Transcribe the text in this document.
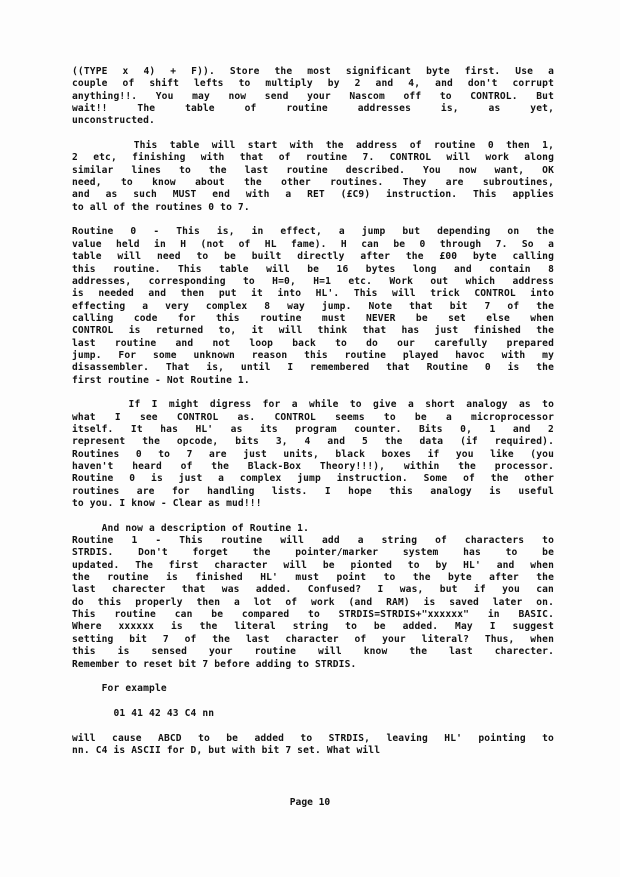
((TYPE x 4) + F)). Store the most significant byte first. Use a
couple of shift lefts to multiply by 2 and 4, and don't corrupt
anything!!. You may now send your Nascom off to CONTROL. But
wait!! The table of routine addresses is, as yet,
unconstructed.
This table will start with the address of routine 0 then 1,
2 etc, finishing with that of routine 7. CONTROL will work along
similar lines to the last routine described. You now want, OK
need, to know about the other routines. They are subroutines,
and as such MUST end with a RET (£C9) instruction. This applies
to all of the routines 0 to 7.
Routine 0 - This is, in effect, a jump but depending on the
value held in H (not of HL fame). H can be 0 through 7. So a
table will need to be built directly after the £00 byte calling
this routine. This table will be 16 bytes long and contain 8
addresses, corresponding to H=0, H=1 etc. Work out which address
is needed and then put it into HL'. This will trick CONTROL into
effecting a very complex 8 way jump. Note that bit 7 of the
calling code for this routine must NEVER be set else when
CONTROL is returned to, it will think that has just finished the
last routine and not loop back to do our carefully prepared
jump. For some unknown reason this routine played havoc with my
disassembler. That is, until I remembered that Routine 0 is the
first routine - Not Routine 1.
If I might digress for a while to give a short analogy as to
what I see CONTROL as. CONTROL seems to be a microprocessor
itself. It has HL' as its program counter. Bits 0, 1 and 2
represent the opcode, bits 3, 4 and 5 the data (if required).
Routines 0 to 7 are just units, black boxes if you like (you
haven't heard of the Black-Box Theory!!!), within the processor.
Routine 0 is just a complex jump instruction. Some of the other
routines are for handling lists. I hope this analogy is useful
to you. I know - Clear as mud!!!
And now a description of Routine 1.
Routine 1 - This routine will add a string of characters to
STRDIS. Don't forget the pointer/marker system has to be
updated. The first character will be pionted to by HL' and when
the routine is finished HL' must point to the byte after the
last charecter that was added. Confused? I was, but if you can
do this properly then a lot of work (and RAM) is saved later on.
This routine can be compared to STRDIS=STRDIS+"xxxxxx" in BASIC.
Where xxxxxx is the literal string to be added. May I suggest
setting bit 7 of the last character of your literal? Thus, when
this is sensed your routine will know the last charecter.
Remember to reset bit 7 before adding to STRDIS.
For example
01 41 42 43 C4 nn
will cause ABCD to be added to STRDIS, leaving HL' pointing to
nn. C4 is ASCII for D, but with bit 7 set. What will
Page 10
